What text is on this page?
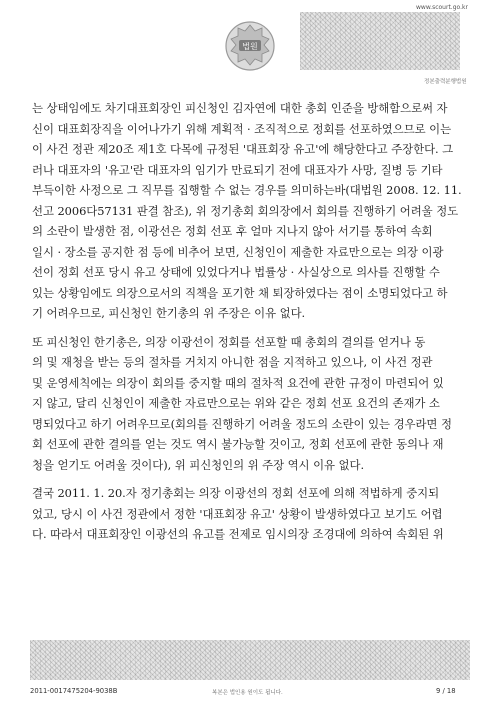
www.scourt.go.kr
법원
정본출력분행법원
는 상태임에도 차기대표회장인 피신청인 김자연에 대한 총회 인준을 방해함으로써 자
신이 대표회장직을 이어나가기 위해 계획적 · 조직적으로 정회를 선포하였으므로 이는
이 사건 정관 제20조 제1호 다목에 규정된 '대표회장 유고'에 해당한다고 주장한다. 그
러나 대표자의 '유고'란 대표자의 임기가 만료되기 전에 대표자가 사망, 질병 등 기타
부득이한 사정으로 그 직무를 집행할 수 없는 경우를 의미하는바(대법원 2008. 12. 11.
선고 2006다57131 판결 참조), 위 정기총회 회의장에서 회의를 진행하기 어려울 정도
의 소란이 발생한 점, 이광선은 정회 선포 후 얼마 지나지 않아 서기를 통하여 속회
일시 · 장소를 공지한 점 등에 비추어 보면, 신청인이 제출한 자료만으로는 의장 이광
선이 정회 선포 당시 유고 상태에 있었다거나 법률상 · 사실상으로 의사를 진행할 수
있는 상황임에도 의장으로서의 직책을 포기한 채 퇴장하였다는 점이 소명되었다고 하
기 어려우므로, 피신청인 한기총의 위 주장은 이유 없다.
또 피신청인 한기총은, 의장 이광선이 정회를 선포할 때 총회의 결의를 얻거나 동
의 및 재청을 받는 등의 절차를 거치지 아니한 점을 지적하고 있으나, 이 사건 정관
및 운영세칙에는 의장이 회의를 중지할 때의 절차적 요건에 관한 규정이 마련되어 있
지 않고, 달리 신청인이 제출한 자료만으로는 위와 같은 정회 선포 요건의 존재가 소
명되었다고 하기 어려우므로(회의를 진행하기 어려울 정도의 소란이 있는 경우라면 정
회 선포에 관한 결의를 얻는 것도 역시 불가능할 것이고, 정회 선포에 관한 동의나 재
청을 얻기도 어려울 것이다), 위 피신청인의 위 주장 역시 이유 없다.
결국 2011. 1. 20.자 정기총회는 의장 이광선의 정회 선포에 의해 적법하게 중지되
었고, 당시 이 사건 정관에서 정한 '대표회장 유고' 상황이 발생하였다고 보기도 어렵
다. 따라서 대표회장인 이광선의 유고를 전제로 임시의장 조경대에 의하여 속회된 위
2011-0017475204-9038B	복본은 법인용 원이도 됩니다.	9 / 18
